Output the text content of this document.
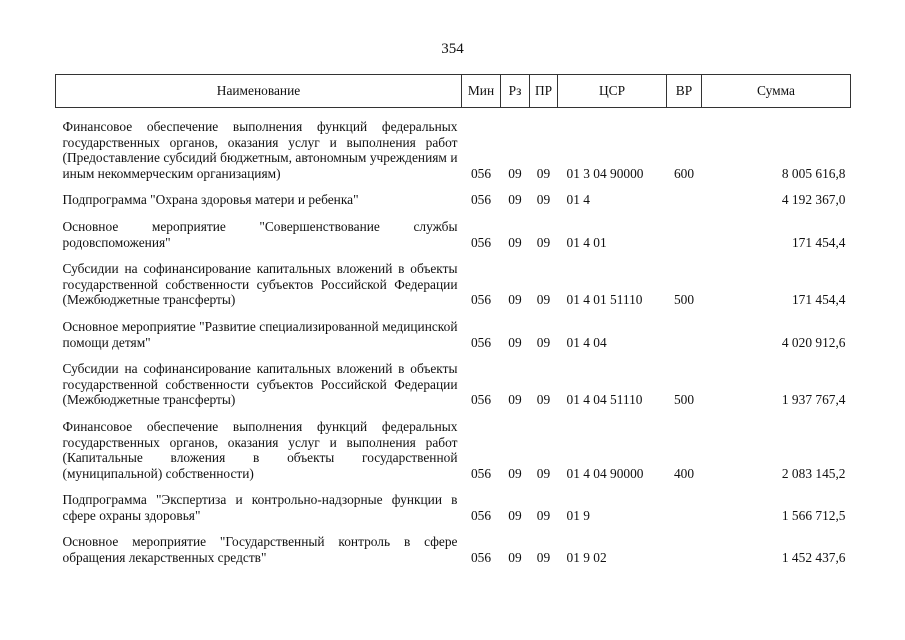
354
Наименование	Мин	Рз	ПР	ЦСР	ВР	Сумма

Финансовое обеспечение выполнения функций федеральных государственных органов, оказания услуг и выполнения работ (Предоставление субсидий бюджетным, автономным учреждениям и иным некоммерческим организациям)	056	09	09	01 3 04 90000	600	8 005 616,8

Подпрограмма "Охрана здоровья матери и ребенка"	056	09	09	01 4		4 192 367,0

Основное мероприятие "Совершенствование службы родовспоможения"	056	09	09	01 4 01		171 454,4

Субсидии на софинансирование капитальных вложений в объекты государственной собственности субъектов Российской Федерации (Межбюджетные трансферты)	056	09	09	01 4 01 51110	500	171 454,4

Основное мероприятие "Развитие специализированной медицинской помощи детям"	056	09	09	01 4 04		4 020 912,6

Субсидии на софинансирование капитальных вложений в объекты государственной собственности субъектов Российской Федерации (Межбюджетные трансферты)	056	09	09	01 4 04 51110	500	1 937 767,4

Финансовое обеспечение выполнения функций федеральных государственных органов, оказания услуг и выполнения работ (Капитальные вложения в объекты государственной (муниципальной) собственности)	056	09	09	01 4 04 90000	400	2 083 145,2

Подпрограмма "Экспертиза и контрольно-надзорные функции в сфере охраны здоровья"	056	09	09	01 9		1 566 712,5

Основное мероприятие "Государственный контроль в сфере обращения лекарственных средств"	056	09	09	01 9 02		1 452 437,6
